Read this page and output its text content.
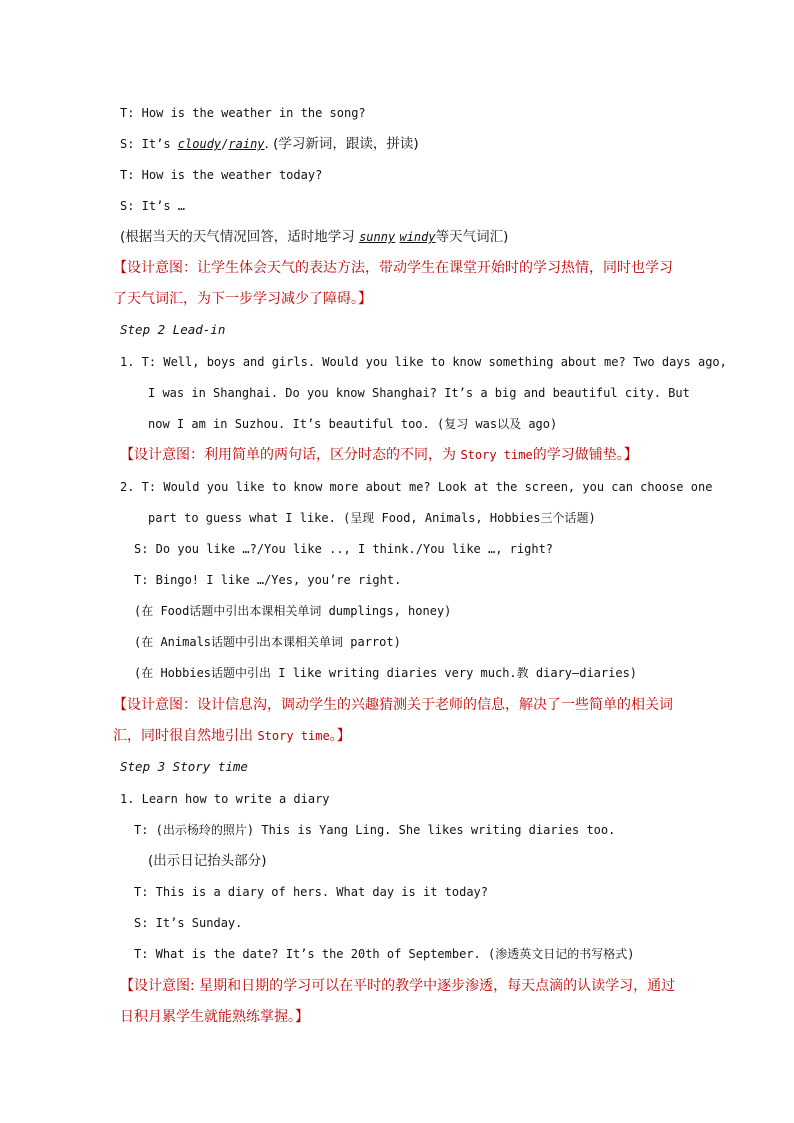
T: How is the weather in the song?
S: It’s cloudy/rainy. (学习新词，跟读，拼读)
T: How is the weather today?
S: It’s …
(根据当天的天气情况回答，适时地学习 sunny windy等天气词汇)
【设计意图：让学生体会天气的表达方法，带动学生在课堂开始时的学习热情，同时也学习
了天气词汇，为下一步学习减少了障碍。】
Step 2 Lead-in
1. T: Well, boys and girls. Would you like to know something about me? Two days ago,
I was in Shanghai. Do you know Shanghai? It’s a big and beautiful city. But
now I am in Suzhou. It’s beautiful too. (复习 was以及 ago)
【设计意图：利用简单的两句话，区分时态的不同，为 Story time的学习做铺垫。】
2. T: Would you like to know more about me? Look at the screen, you can choose one
part to guess what I like. (呈现 Food, Animals, Hobbies三个话题)
S: Do you like …?/You like .., I think./You like …, right?
T: Bingo! I like …/Yes, you’re right.
(在 Food话题中引出本课相关单词 dumplings, honey)
(在 Animals话题中引出本课相关单词 parrot)
(在 Hobbies话题中引出 I like writing diaries very much.教 diary—diaries)
【设计意图：设计信息沟，调动学生的兴趣猜测关于老师的信息，解决了一些简单的相关词
汇，同时很自然地引出 Story time。】
Step 3 Story time
1. Learn how to write a diary
T: (出示杨玲的照片) This is Yang Ling. She likes writing diaries too.
(出示日记抬头部分)
T: This is a diary of hers. What day is it today?
S: It’s Sunday.
T: What is the date? It’s the 20th of September. (渗透英文日记的书写格式)
【设计意图: 星期和日期的学习可以在平时的教学中逐步渗透，每天点滴的认读学习，通过
日积月累学生就能熟练掌握。】
